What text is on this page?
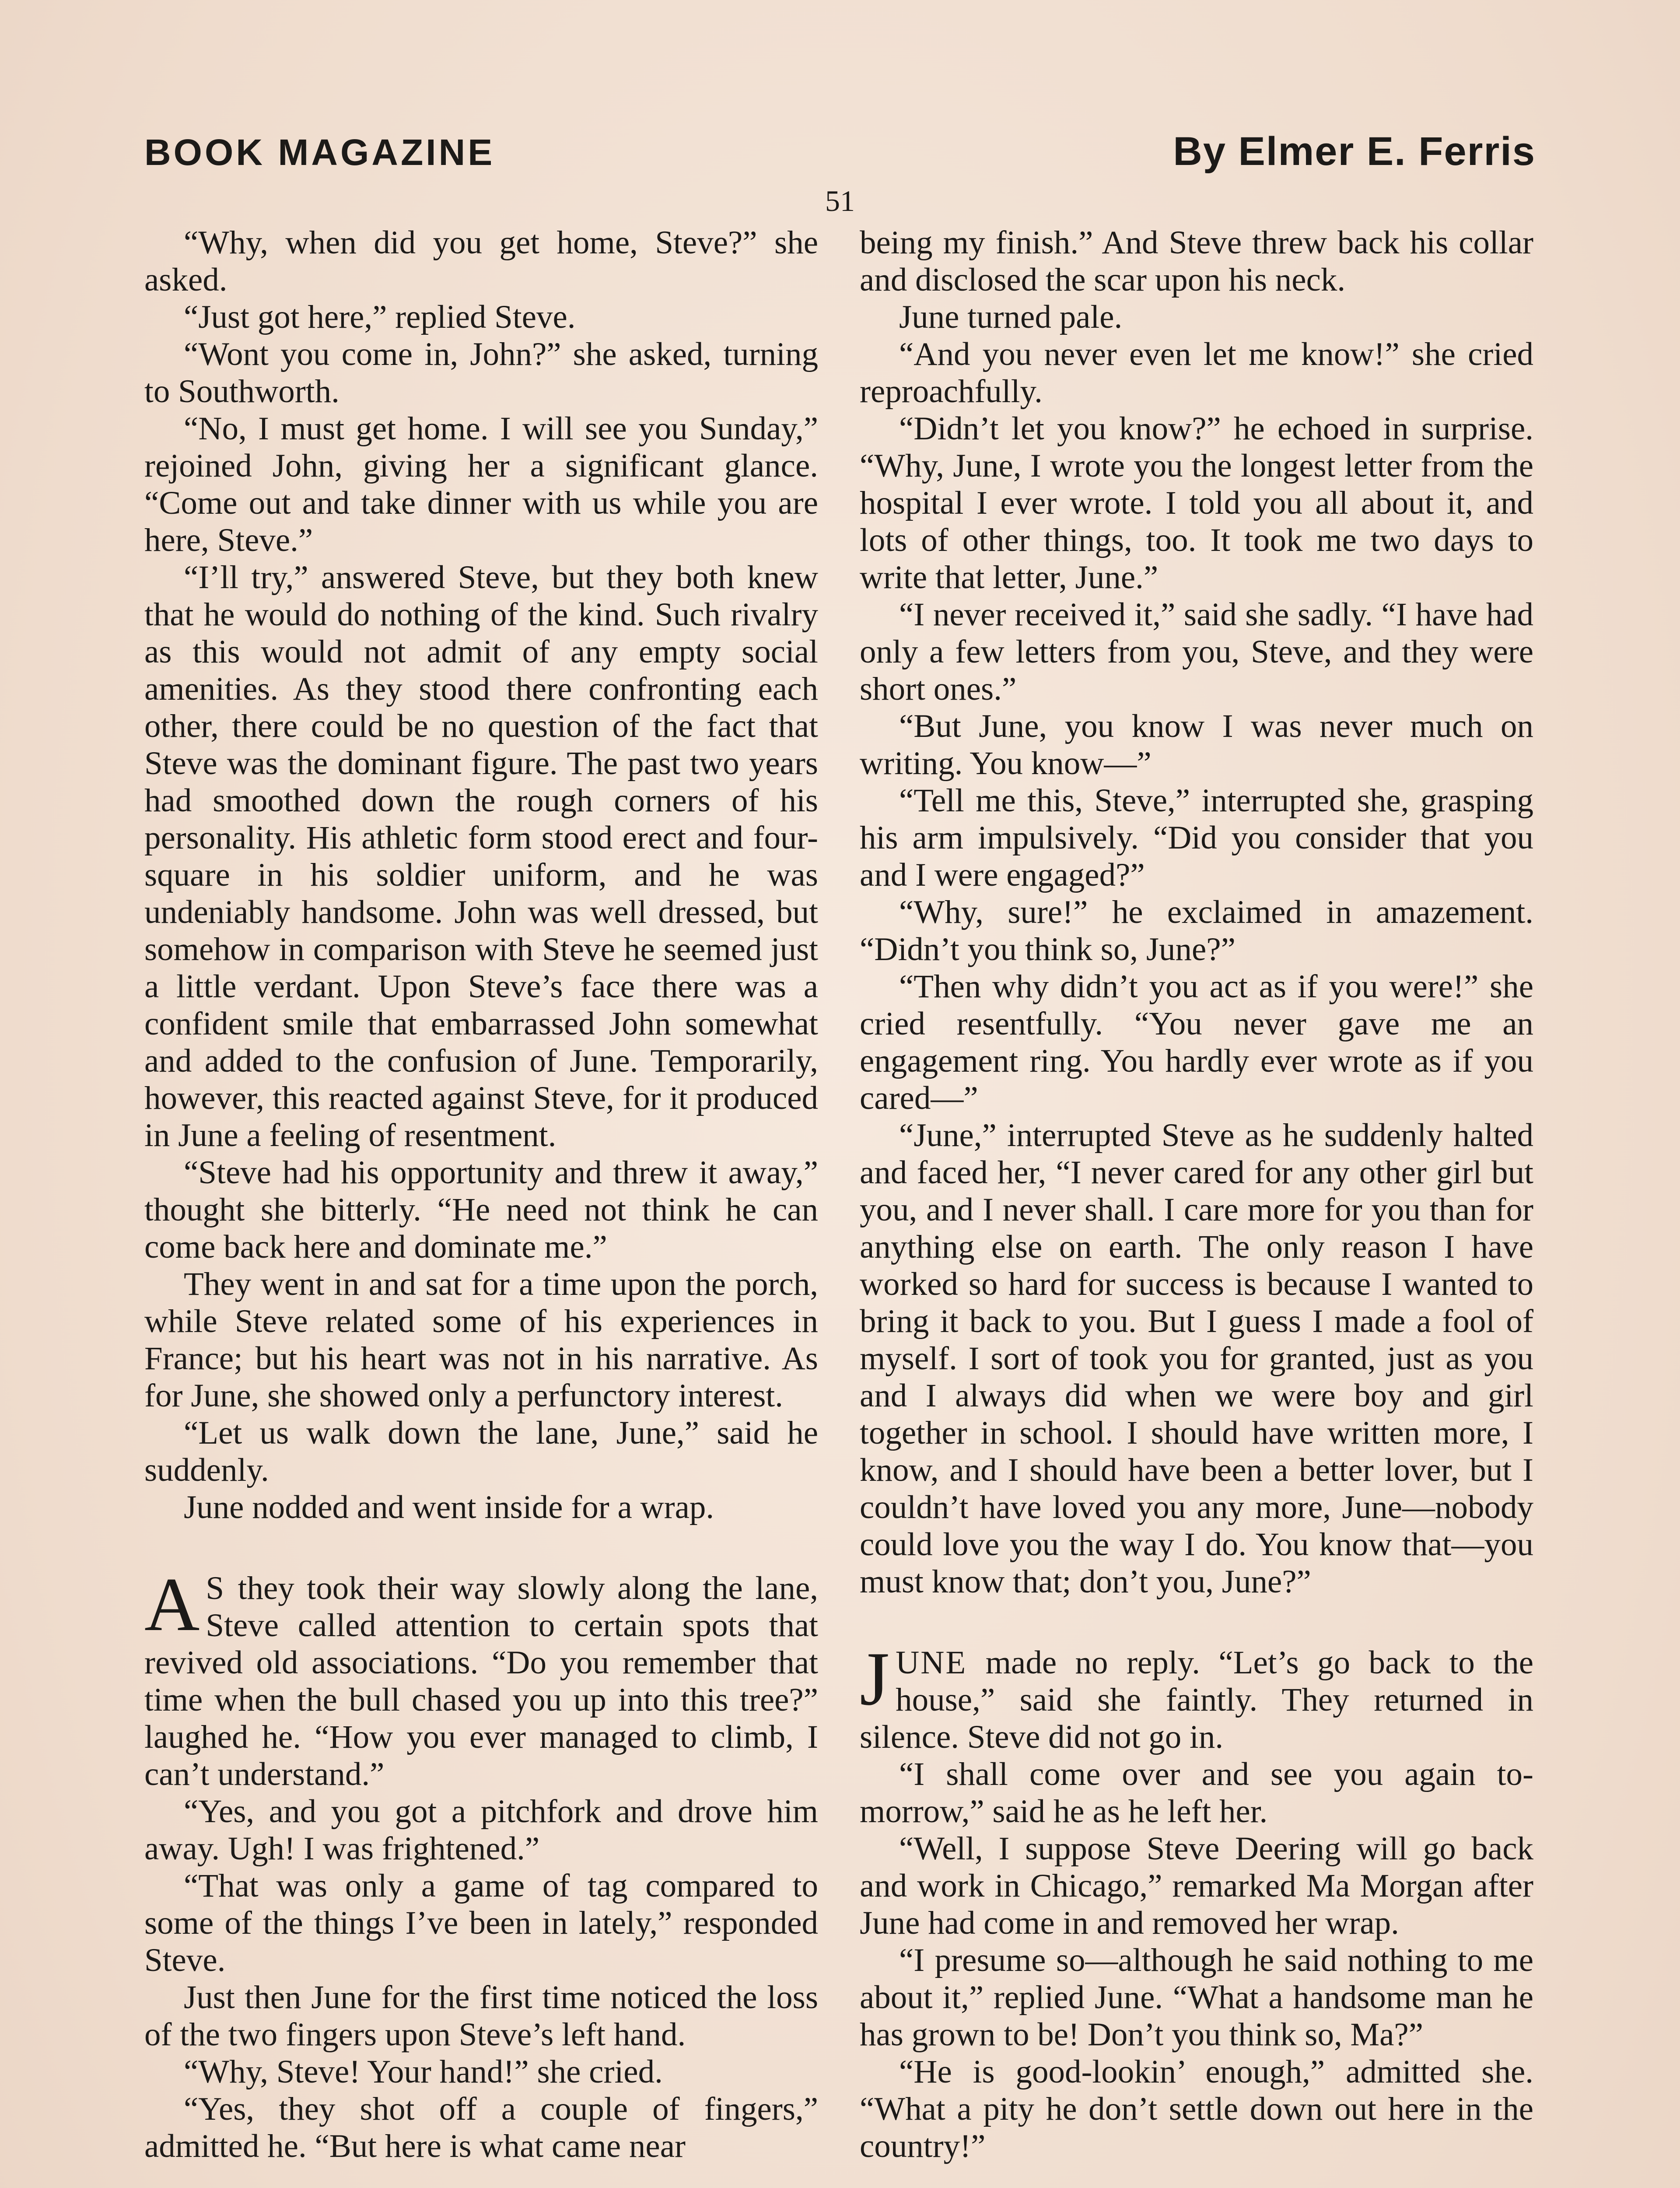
BOOK MAGAZINE	By Elmer E. Ferris
51

“Why, when did you get home, Steve?” she asked.

“Just got here,” replied Steve.

“Wont you come in, John?” she asked, turning to Southworth.

“No, I must get home. I will see you Sunday,” rejoined John, giving her a significant glance. “Come out and take dinner with us while you are here, Steve.”

“I’ll try,” answered Steve, but they both knew that he would do nothing of the kind. Such rivalry as this would not admit of any empty social amenities. As they stood there confronting each other, there could be no question of the fact that Steve was the dominant figure. The past two years had smoothed down the rough corners of his personality. His athletic form stood erect and four-square in his soldier uniform, and he was undeniably handsome. John was well dressed, but somehow in comparison with Steve he seemed just a little verdant. Upon Steve’s face there was a confident smile that embarrassed John somewhat and added to the confusion of June. Temporarily, however, this reacted against Steve, for it produced in June a feeling of resentment.

“Steve had his opportunity and threw it away,” thought she bitterly. “He need not think he can come back here and dominate me.”

They went in and sat for a time upon the porch, while Steve related some of his experiences in France; but his heart was not in his narrative. As for June, she showed only a perfunctory interest.

“Let us walk down the lane, June,” said he suddenly.

June nodded and went inside for a wrap.

A S they took their way slowly along the lane, Steve called attention to certain spots that revived old associations. “Do you remember that time when the bull chased you up into this tree?” laughed he. “How you ever managed to climb, I can’t understand.”

“Yes, and you got a pitchfork and drove him away. Ugh! I was frightened.”

“That was only a game of tag compared to some of the things I’ve been in lately,” responded Steve.

Just then June for the first time noticed the loss of the two fingers upon Steve’s left hand.

“Why, Steve! Your hand!” she cried.

“Yes, they shot off a couple of fingers,” admitted he. “But here is what came near

being my finish.” And Steve threw back his collar and disclosed the scar upon his neck.

June turned pale.

“And you never even let me know!” she cried reproachfully.

“Didn’t let you know?” he echoed in surprise. “Why, June, I wrote you the longest letter from the hospital I ever wrote. I told you all about it, and lots of other things, too. It took me two days to write that letter, June.”

“I never received it,” said she sadly. “I have had only a few letters from you, Steve, and they were short ones.”

“But June, you know I was never much on writing. You know—”

“Tell me this, Steve,” interrupted she, grasping his arm impulsively. “Did you consider that you and I were engaged?”

“Why, sure!” he exclaimed in amazement. “Didn’t you think so, June?”

“Then why didn’t you act as if you were!” she cried resentfully. “You never gave me an engagement ring. You hardly ever wrote as if you cared—”

“June,” interrupted Steve as he suddenly halted and faced her, “I never cared for any other girl but you, and I never shall. I care more for you than for anything else on earth. The only reason I have worked so hard for success is because I wanted to bring it back to you. But I guess I made a fool of myself. I sort of took you for granted, just as you and I always did when we were boy and girl together in school. I should have written more, I know, and I should have been a better lover, but I couldn’t have loved you any more, June—nobody could love you the way I do. You know that—you must know that; don’t you, June?”

JUNE made no reply. “Let’s go back to the house,” said she faintly. They returned in silence. Steve did not go in.

“I shall come over and see you again to-morrow,” said he as he left her.

“Well, I suppose Steve Deering will go back and work in Chicago,” remarked Ma Morgan after June had come in and removed her wrap.

“I presume so—although he said nothing to me about it,” replied June. “What a handsome man he has grown to be! Don’t you think so, Ma?”

“He is good-lookin’ enough,” admitted she. “What a pity he don’t settle down out here in the country!”
